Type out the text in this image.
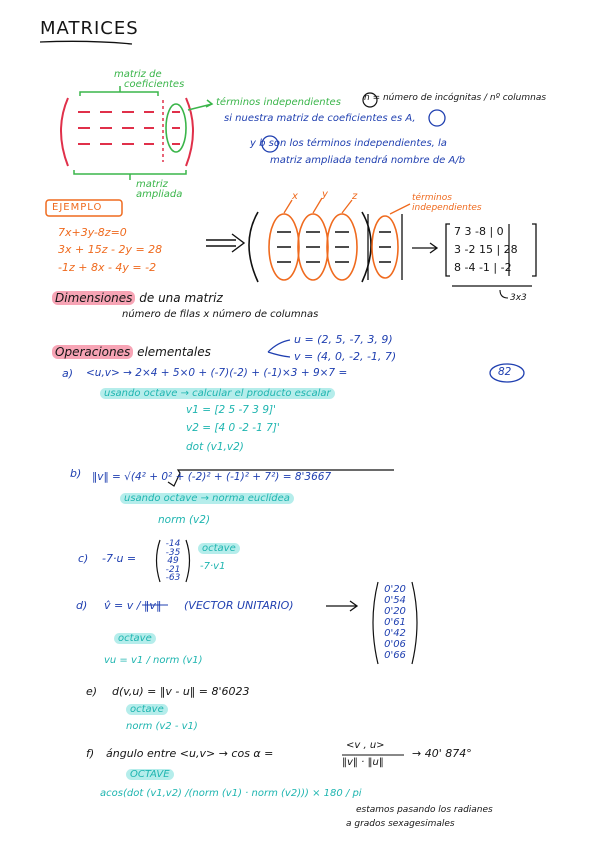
MATRICES
matriz de
coeficientes
términos independientes
matriz
ampliada
n = número de incógnitas / nº columnas
si nuestra matriz de coeficientes es A,
y b son los términos independientes, la
matriz ampliada tendrá nombre de A/b
EJEMPLO
7x+3y-8z=0
3x + 15z - 2y = 28
-1z + 8x - 4y = -2
x y z	términos
independientes
7 3 -8 | 0
3 -2 15 | 28
8 -4 -1 | -2
3x3
Dimensiones de una matriz
número de filas x número de columnas
Operaciones elementales
u = (2, 5, -7, 3, 9)
v = (4, 0, -2, -1, 7)
a) <u,v> → 2×4 + 5×0 + (-7)(-2) + (-1)×3 + 9×7 =	82
usando octave → calcular el producto escalar
v1 = [2 5 -7 3 9]'
v2 = [4 0 -2 -1 7]'
dot (v1,v2)
b) ‖v‖ = √(4² + 0² + (-2)² + (-1)² + 7²) = 8'3667
usando octave → norma euclídea
norm (v2)
c) -7·u =
-14
-35
49
-21
-63
octave
-7·v1
d) v̂ = v / ‖v‖ (VECTOR UNITARIO)
octave
vu = v1 / norm (v1)
0'20
0'54
0'20
0'61
0'42
0'06
0'66
e) d(v,u) = ‖v - u‖ = 8'6023
octave
norm (v2 - v1)
f) ángulo entre <u,v> → cos α =
<v , u>
‖v‖ · ‖u‖
→ 40' 874°
OCTAVE
acos(dot (v1,v2) /(norm (v1) · norm (v2))) × 180 / pi
estamos pasando los radianes
a grados sexagesimales
